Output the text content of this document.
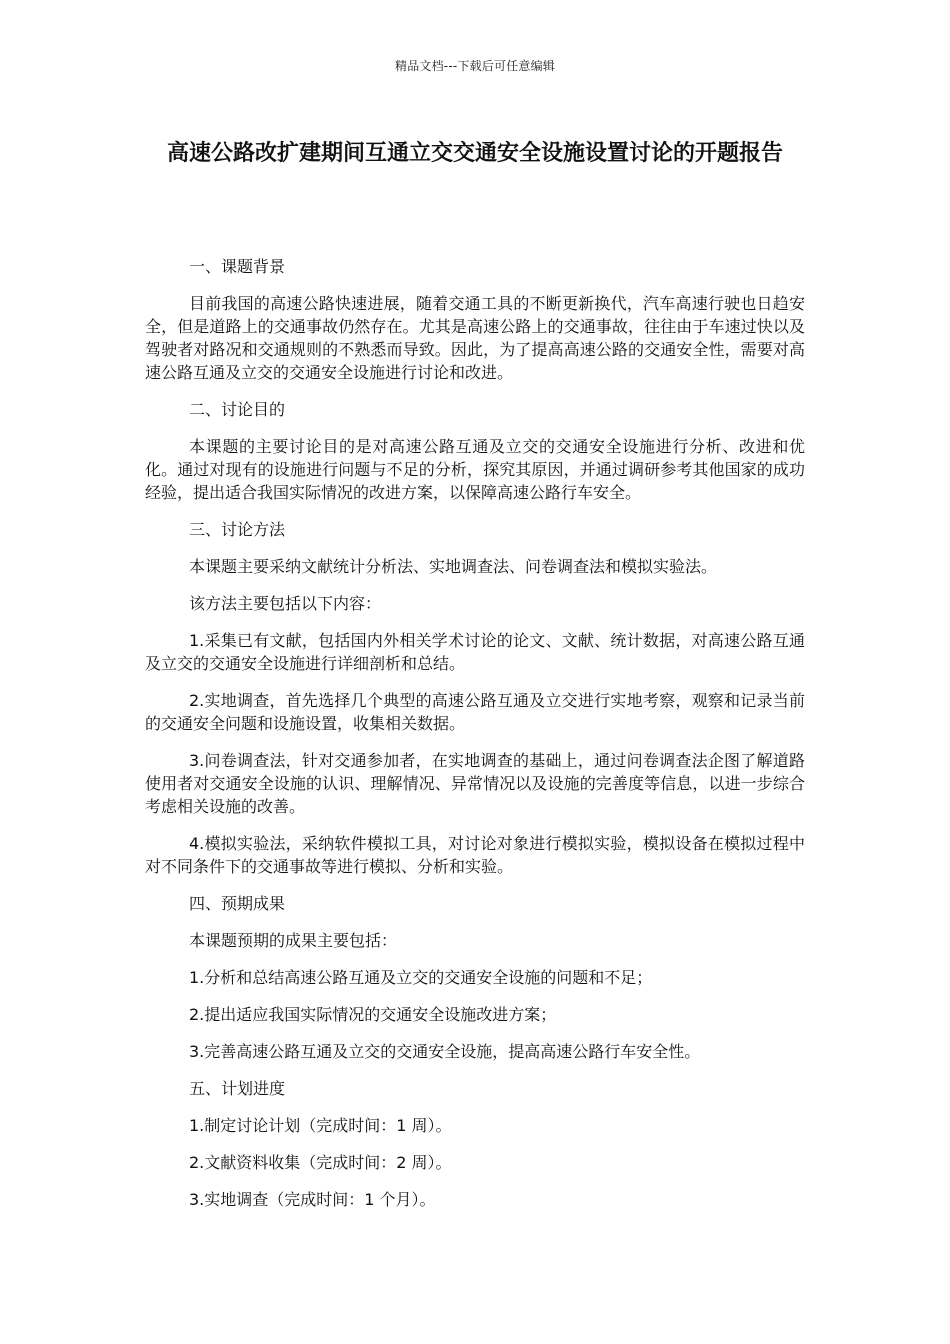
精品文档---下载后可任意编辑
高速公路改扩建期间互通立交交通安全设施设置讨论的开题报告

一、课题背景

目前我国的高速公路快速进展，随着交通工具的不断更新换代，汽车高速行驶也日趋安全，但是道路上的交通事故仍然存在。尤其是高速公路上的交通事故，往往由于车速过快以及驾驶者对路况和交通规则的不熟悉而导致。因此，为了提高高速公路的交通安全性，需要对高速公路互通及立交的交通安全设施进行讨论和改进。

二、讨论目的

本课题的主要讨论目的是对高速公路互通及立交的交通安全设施进行分析、改进和优化。通过对现有的设施进行问题与不足的分析，探究其原因，并通过调研参考其他国家的成功经验，提出适合我国实际情况的改进方案，以保障高速公路行车安全。

三、讨论方法

本课题主要采纳文献统计分析法、实地调查法、问卷调查法和模拟实验法。

该方法主要包括以下内容：

1.采集已有文献，包括国内外相关学术讨论的论文、文献、统计数据，对高速公路互通及立交的交通安全设施进行详细剖析和总结。

2.实地调查，首先选择几个典型的高速公路互通及立交进行实地考察，观察和记录当前的交通安全问题和设施设置，收集相关数据。

3.问卷调查法，针对交通参加者，在实地调查的基础上，通过问卷调查法企图了解道路使用者对交通安全设施的认识、理解情况、异常情况以及设施的完善度等信息，以进一步综合考虑相关设施的改善。

4.模拟实验法，采纳软件模拟工具，对讨论对象进行模拟实验，模拟设备在模拟过程中对不同条件下的交通事故等进行模拟、分析和实验。

四、预期成果

本课题预期的成果主要包括：

1.分析和总结高速公路互通及立交的交通安全设施的问题和不足；

2.提出适应我国实际情况的交通安全设施改进方案；

3.完善高速公路互通及立交的交通安全设施，提高高速公路行车安全性。

五、计划进度

1.制定讨论计划（完成时间：1 周）。

2.文献资料收集（完成时间：2 周）。

3.实地调查（完成时间：1 个月）。
